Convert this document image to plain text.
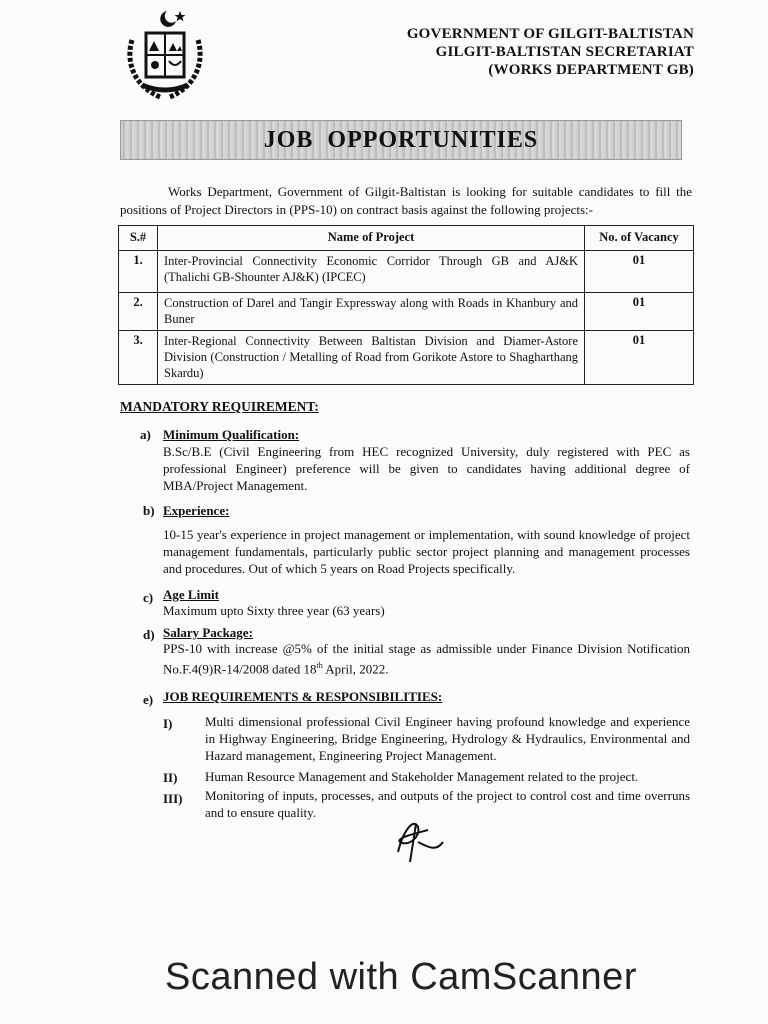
GOVERNMENT OF GILGIT-BALTISTAN
GILGIT-BALTISTAN SECRETARIAT
(WORKS DEPARTMENT GB)
JOB  OPPORTUNITIES
Works Department, Government of Gilgit-Baltistan is looking for suitable candidates to fill the positions of Project Directors in (PPS-10) on contract basis against the following projects:-
S.#	Name of Project	No. of Vacancy
1.	Inter-Provincial Connectivity Economic Corridor Through GB and AJ&K (Thalichi GB-Shounter AJ&K) (IPCEC)	01
2.	Construction of Darel and Tangir Expressway along with Roads in Khanbury and Buner	01
3.	Inter-Regional Connectivity Between Baltistan Division and Diamer-Astore Division (Construction / Metalling of Road from Gorikote Astore to Shagharthang Skardu)	01
MANDATORY REQUIREMENT:
a) Minimum Qualification:
B.Sc/B.E (Civil Engineering from HEC recognized University, duly registered with PEC as professional Engineer) preference will be given to candidates having additional degree of MBA/Project Management.
b) Experience:
10-15 year's experience in project management or implementation, with sound knowledge of project management fundamentals, particularly public sector project planning and management processes and procedures. Out of which 5 years on Road Projects specifically.
c) Age Limit
Maximum upto Sixty three year (63 years)
d) Salary Package:
PPS-10 with increase @5% of the initial stage as admissible under Finance Division Notification No.F.4(9)R-14/2008 dated 18th April, 2022.
e) JOB REQUIREMENTS & RESPONSIBILITIES:
I)	Multi dimensional professional Civil Engineer having profound knowledge and experience in Highway Engineering, Bridge Engineering, Hydrology & Hydraulics, Environmental and Hazard management, Engineering Project Management.
II) Human Resource Management and Stakeholder Management related to the project.
III) Monitoring of inputs, processes, and outputs of the project to control cost and time overruns and to ensure quality.
Scanned with CamScanner
